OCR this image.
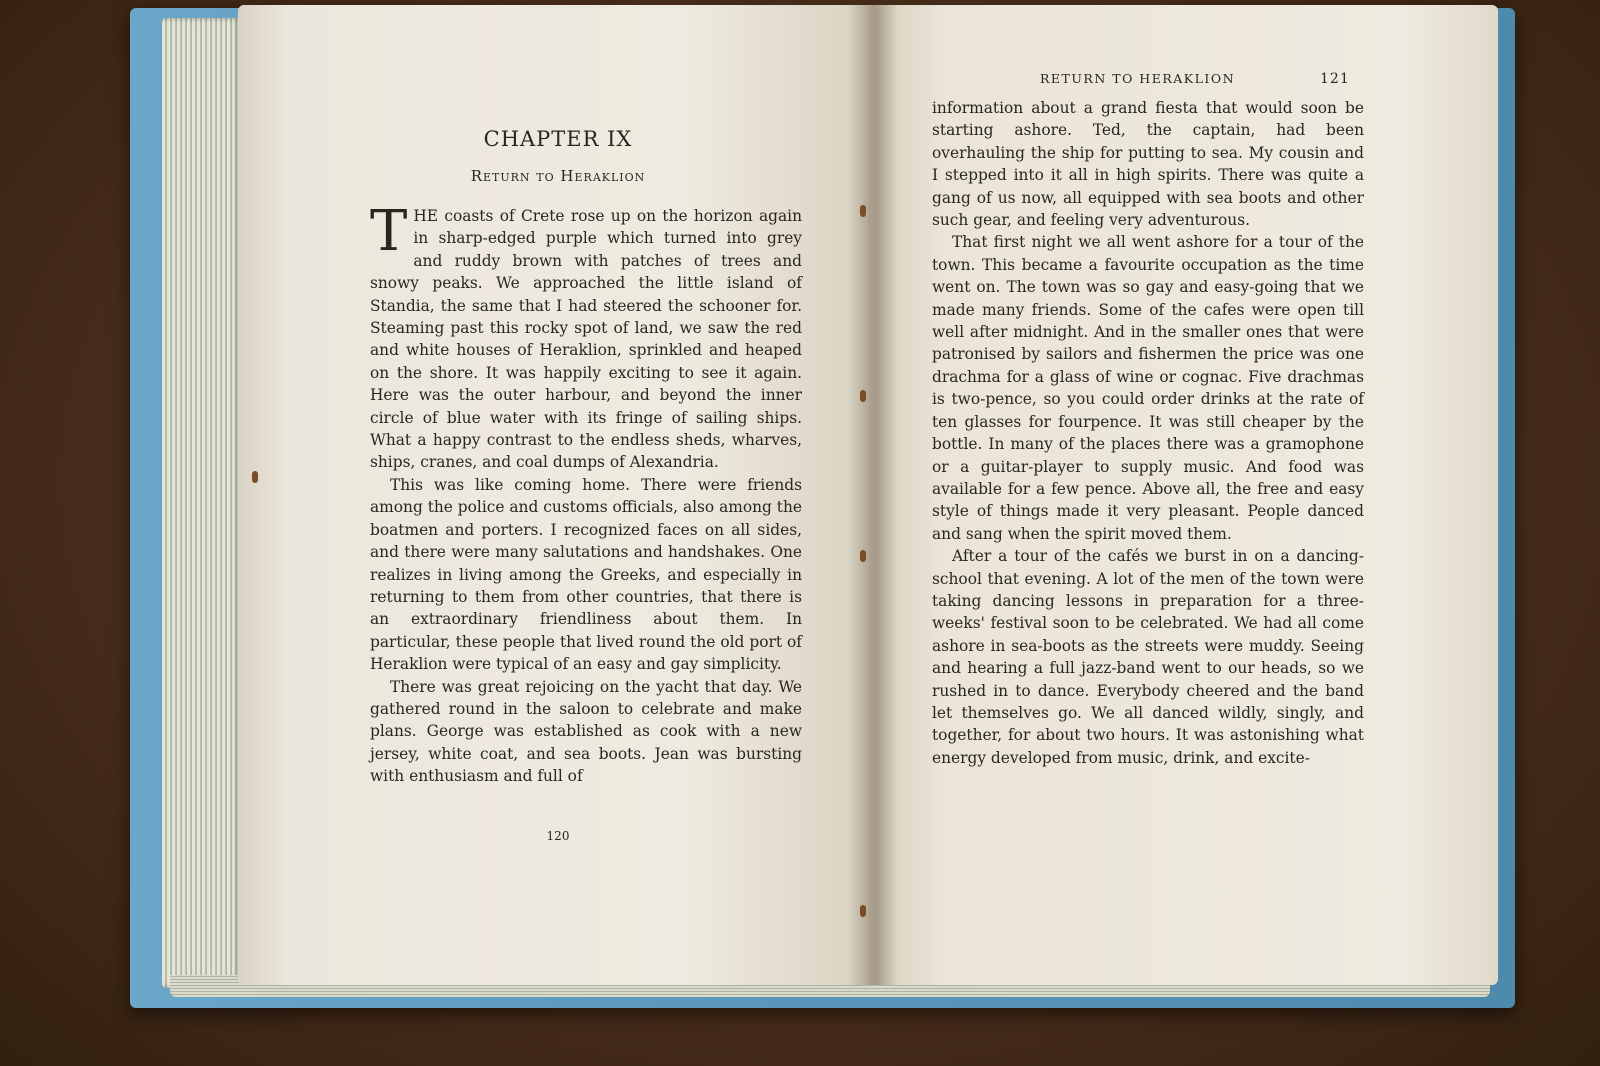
CHAPTER IX
Return to Heraklion

THE coasts of Crete rose up on the horizon again in sharp-edged purple which turned into grey and ruddy brown with patches of trees and snowy peaks. We approached the little island of Standia, the same that I had steered the schooner for. Steaming past this rocky spot of land, we saw the red and white houses of Heraklion, sprinkled and heaped on the shore. It was happily exciting to see it again. Here was the outer harbour, and beyond the inner circle of blue water with its fringe of sailing ships. What a happy contrast to the endless sheds, wharves, ships, cranes, and coal dumps of Alexandria.

This was like coming home. There were friends among the police and customs officials, also among the boatmen and porters. I recognized faces on all sides, and there were many salutations and handshakes. One realizes in living among the Greeks, and especially in returning to them from other countries, that there is an extraordinary friendliness about them. In particular, these people that lived round the old port of Heraklion were typical of an easy and gay simplicity.

There was great rejoicing on the yacht that day. We gathered round in the saloon to celebrate and make plans. George was established as cook with a new jersey, white coat, and sea boots. Jean was bursting with enthusiasm and full of

120
RETURN TO HERAKLION	121

information about a grand fiesta that would soon be starting ashore. Ted, the captain, had been overhauling the ship for putting to sea. My cousin and I stepped into it all in high spirits. There was quite a gang of us now, all equipped with sea boots and other such gear, and feeling very adventurous.

That first night we all went ashore for a tour of the town. This became a favourite occupation as the time went on. The town was so gay and easy-going that we made many friends. Some of the cafes were open till well after midnight. And in the smaller ones that were patronised by sailors and fishermen the price was one drachma for a glass of wine or cognac. Five drachmas is two-pence, so you could order drinks at the rate of ten glasses for fourpence. It was still cheaper by the bottle. In many of the places there was a gramophone or a guitar-player to supply music. And food was available for a few pence. Above all, the free and easy style of things made it very pleasant. People danced and sang when the spirit moved them.

After a tour of the cafés we burst in on a dancing-school that evening. A lot of the men of the town were taking dancing lessons in preparation for a three-weeks' festival soon to be celebrated. We had all come ashore in sea-boots as the streets were muddy. Seeing and hearing a full jazz-band went to our heads, so we rushed in to dance. Everybody cheered and the band let themselves go. We all danced wildly, singly, and together, for about two hours. It was astonishing what energy developed from music, drink, and excite-
